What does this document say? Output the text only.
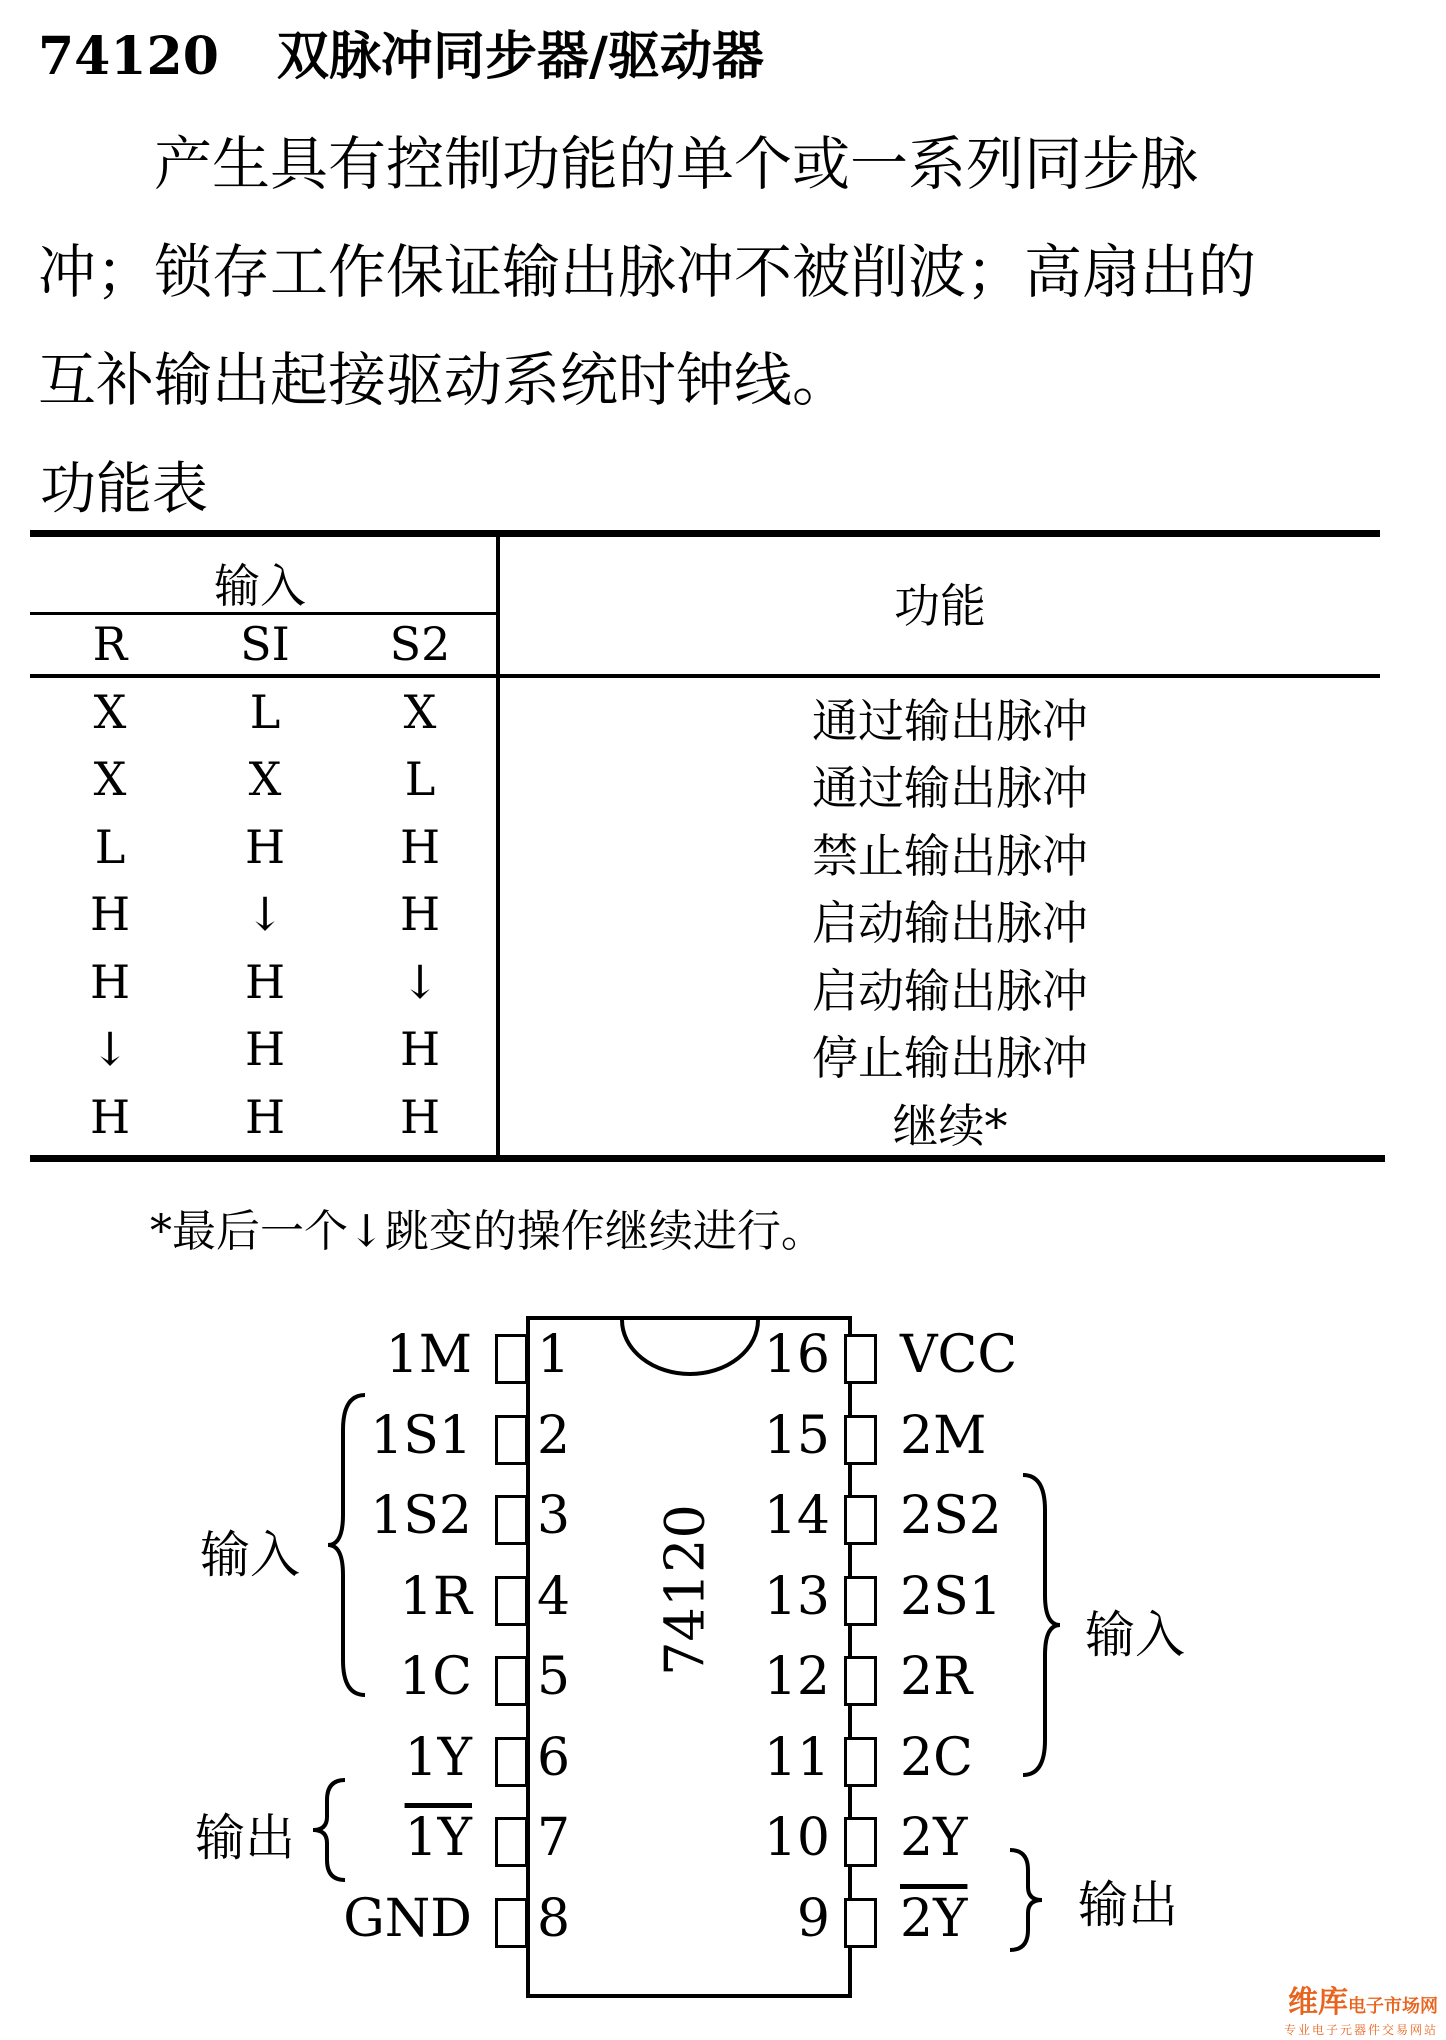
74120 双脉冲同步器/驱动器
产生具有控制功能的单个或一系列同步脉
冲；锁存工作保证输出脉冲不被削波；高扇出的
互补输出起接驱动系统时钟线。
功能表
输入	功能
R	SI	S2
X	L	X	通过输出脉冲
X	X	L	通过输出脉冲
L	H	H	禁止输出脉冲
H	↓	H	启动输出脉冲
H	H	↓	启动输出脉冲
↓	H	H	停止输出脉冲
H	H	H	继续*
*最后一个↓跳变的操作继续进行。
74120
1
1M
2
1S1
3
1S2
4
1R
5
1C
6
1Y
7
1Y
8
GND
16 VCC
15 2M
14 2S2
13 2S1
12 2R
11 2C
10 2Y
9 2Y
输入
输出
输入
输出
维库电子市场网
专业电子元器件交易网站
